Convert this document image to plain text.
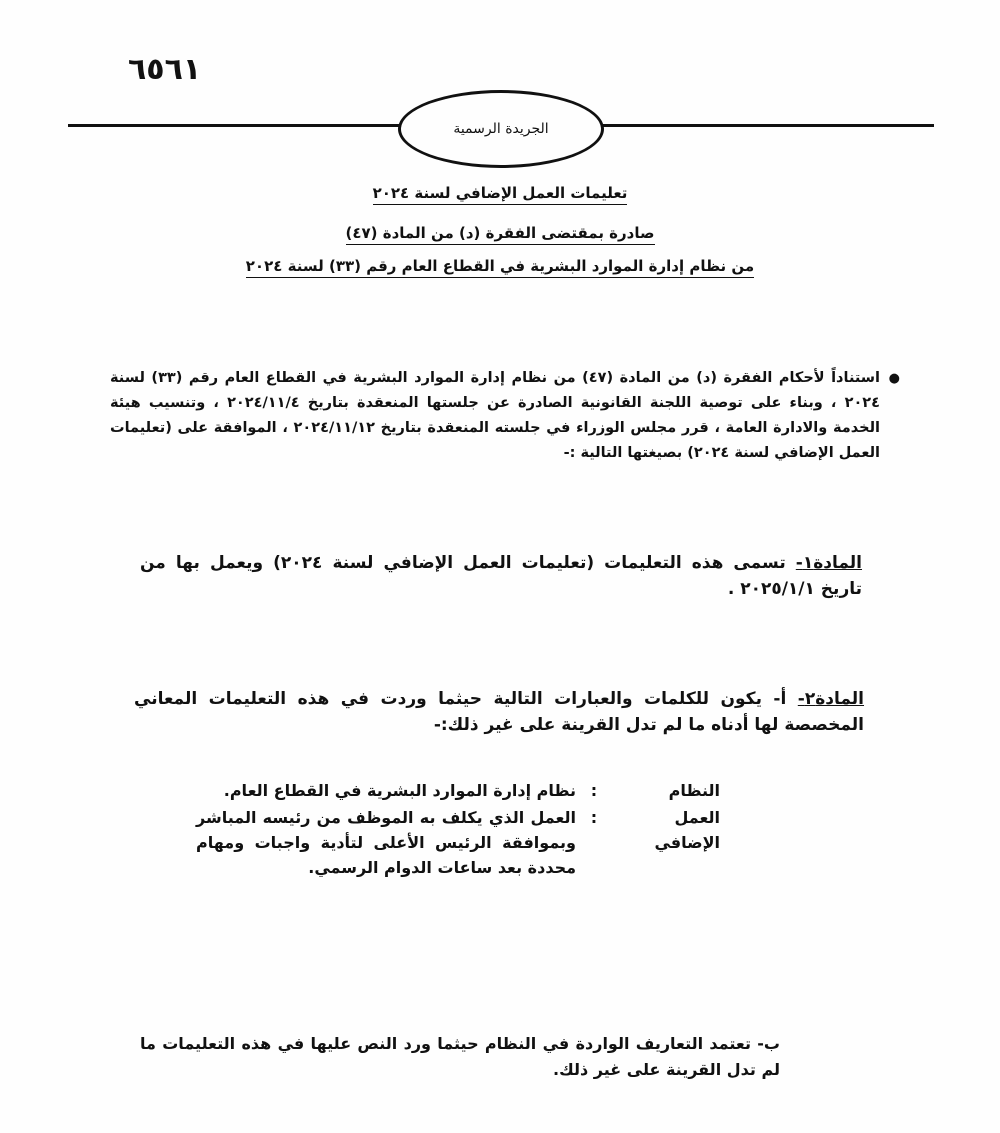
٦٥٦١
الجريدة الرسمية
تعليمات العمل الإضافي لسنة ٢٠٢٤
صادرة بمقتضى الفقرة (د) من المادة (٤٧)
من نظام إدارة الموارد البشرية في القطاع العام رقم (٣٣) لسنة ٢٠٢٤
●
استناداً لأحكام الفقرة (د) من المادة (٤٧) من نظام إدارة الموارد البشرية في القطاع العام رقم (٣٣) لسنة ٢٠٢٤ ، وبناء على توصية اللجنة القانونية الصادرة عن جلستها المنعقدة بتاريخ ٢٠٢٤/١١/٤ ، وتنسيب هيئة الخدمة والادارة العامة ، قرر مجلس الوزراء في جلسته المنعقدة بتاريخ ٢٠٢٤/١١/١٢ ، الموافقة على (تعليمات العمل الإضافي لسنة ٢٠٢٤) بصيغتها التالية :-
المادة١- تسمى هذه التعليمات (تعليمات العمل الإضافي لسنة ٢٠٢٤) ويعمل بها من تاريخ ٢٠٢٥/١/١ .
المادة٢- أ- يكون للكلمات والعبارات التالية حيثما وردت في هذه التعليمات المعاني المخصصة لها أدناه ما لم تدل القرينة على غير ذلك:-
النظام
:
نظام إدارة الموارد البشرية في القطاع العام.
العمل الإضافي
:
العمل الذي يكلف به الموظف من رئيسه المباشر وبموافقة الرئيس الأعلى لتأدية واجبات ومهام محددة بعد ساعات الدوام الرسمي.
ب- تعتمد التعاريف الواردة في النظام حيثما ورد النص عليها في هذه التعليمات ما لم تدل القرينة على غير ذلك.
